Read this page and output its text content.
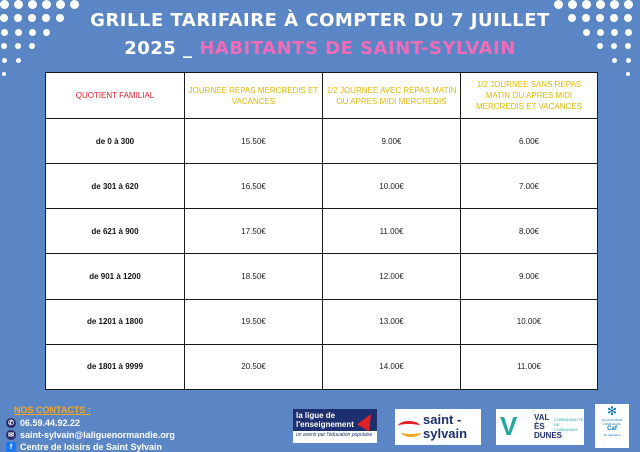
GRILLE TARIFAIRE À COMPTER DU 7 JUILLET
2025 _ HABITANTS DE SAINT-SYLVAIN
QUOTIENT FAMILIAL	JOURNEE REPAS MERCREDIS ET VACANCES	1/2 JOURNEE AVEC REPAS MATIN OU APRES MIDI MERCREDIS	1/2 JOURNEE SANS REPAS MATIN OU APRES MIDI MERCREDIS ET VACANCES
de 0 à 300	15.50€	9.00€	6.00€
de 301 à 620	16.50€	10.00€	7.00€
de 621 à 900	17.50€	11.00€	8.00€
de 901 à 1200	18.50€	12.00€	9.00€
de 1201 à 1800	19.50€	13.00€	10.00€
de 1801 à 9999	20.50€	14.00€	11.00€
NOS CONTACTS :
✆ 06.59.44.92.22
✉ saint-sylvain@laliguenormandie.org
f Centre de loisirs de Saint Sylvain
la ligue de
l'enseignement
un avenir par l'éducation populaire
saint -
sylvain V VAL
ÈS
DUNES
COMMUNAUTÉ DE COMMUNES
✻
ALLOCATIONS FAMILIALES
Caf
du Calvados
